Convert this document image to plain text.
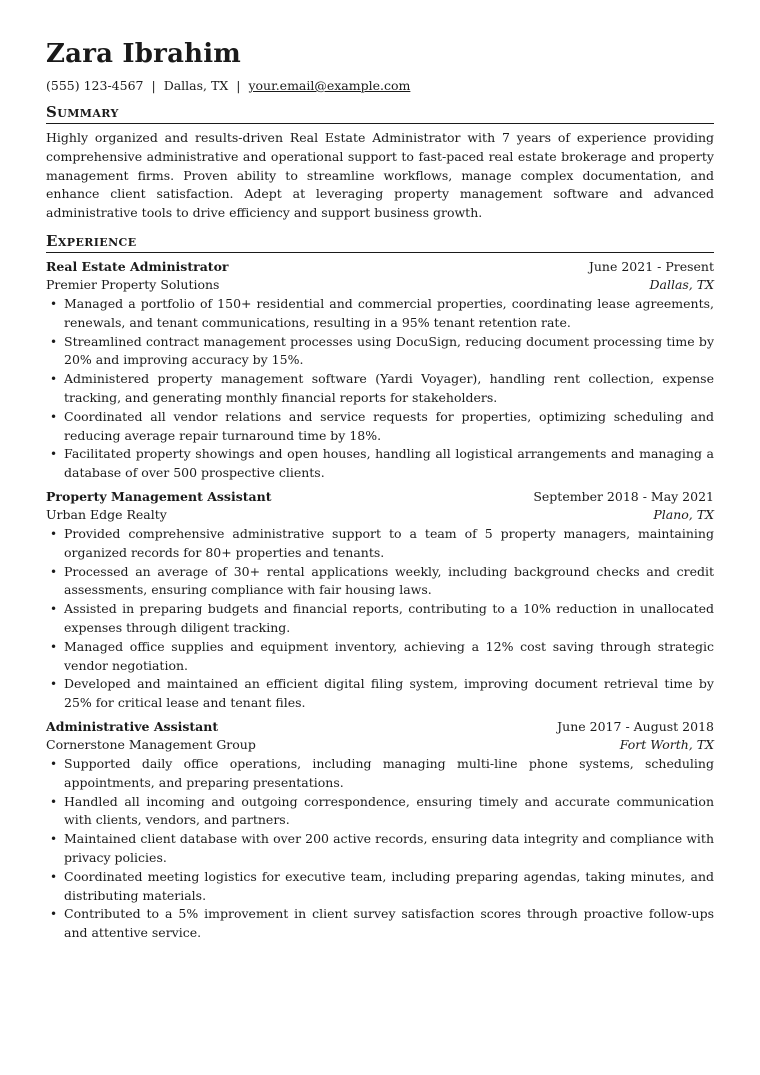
Zara Ibrahim
(555) 123-4567 | Dallas, TX | your.email@example.com
Summary

Highly organized and results-driven Real Estate Administrator with 7 years of experience providing comprehensive administrative and operational support to fast-paced real estate brokerage and property management firms. Proven ability to streamline workflows, manage complex documentation, and enhance client satisfaction. Adept at leveraging property management software and advanced administrative tools to drive efficiency and support business growth.

Experience
Real Estate Administrator	June 2021 - Present
Premier Property Solutions	Dallas, TX
• Managed a portfolio of 150+ residential and commercial properties, coordinating lease agreements, renewals, and tenant communications, resulting in a 95% tenant retention rate.
• Streamlined contract management processes using DocuSign, reducing document processing time by 20% and improving accuracy by 15%.
• Administered property management software (Yardi Voyager), handling rent collection, expense tracking, and generating monthly financial reports for stakeholders.
• Coordinated all vendor relations and service requests for properties, optimizing scheduling and reducing average repair turnaround time by 18%.
• Facilitated property showings and open houses, handling all logistical arrangements and managing a database of over 500 prospective clients.
Property Management Assistant	September 2018 - May 2021
Urban Edge Realty	Plano, TX
• Provided comprehensive administrative support to a team of 5 property managers, maintaining organized records for 80+ properties and tenants.
• Processed an average of 30+ rental applications weekly, including background checks and credit assessments, ensuring compliance with fair housing laws.
• Assisted in preparing budgets and financial reports, contributing to a 10% reduction in unallocated expenses through diligent tracking.
• Managed office supplies and equipment inventory, achieving a 12% cost saving through strategic vendor negotiation.
• Developed and maintained an efficient digital filing system, improving document retrieval time by 25% for critical lease and tenant files.
Administrative Assistant	June 2017 - August 2018
Cornerstone Management Group	Fort Worth, TX
• Supported daily office operations, including managing multi-line phone systems, scheduling appointments, and preparing presentations.
• Handled all incoming and outgoing correspondence, ensuring timely and accurate communication with clients, vendors, and partners.
• Maintained client database with over 200 active records, ensuring data integrity and compliance with privacy policies.
• Coordinated meeting logistics for executive team, including preparing agendas, taking minutes, and distributing materials.
• Contributed to a 5% improvement in client survey satisfaction scores through proactive follow-ups and attentive service.
